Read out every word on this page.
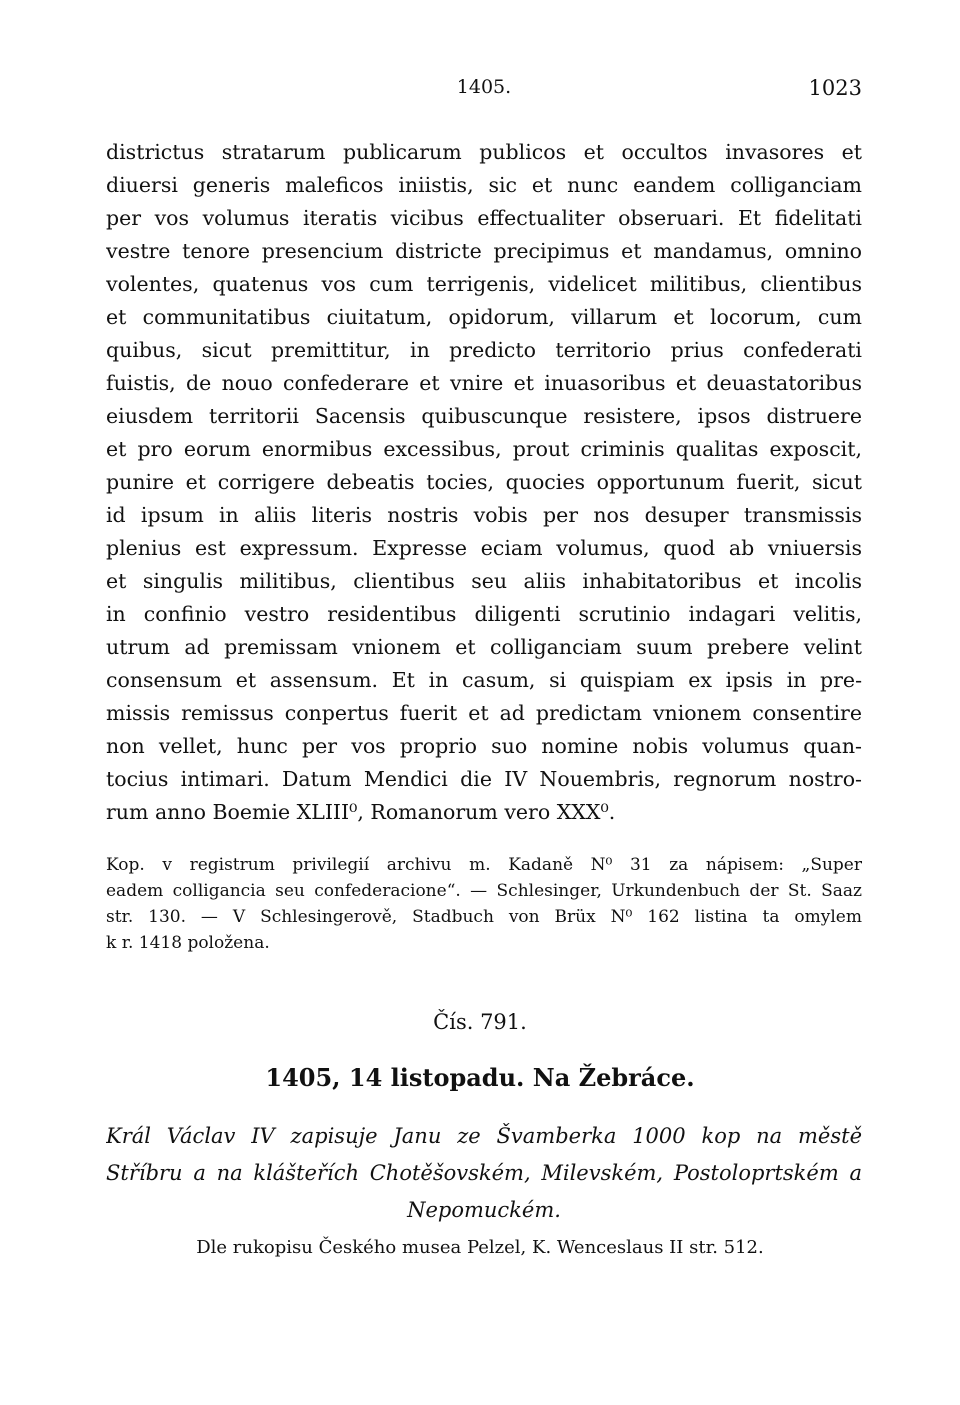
1405.	1023
districtus stratarum publicarum publicos et occultos invasores et
diuersi generis maleficos iniistis, sic et nunc eandem colliganciam
per vos volumus iteratis vicibus effectualiter obseruari. Et fidelitati
vestre tenore presencium districte precipimus et mandamus, omnino
volentes, quatenus vos cum terrigenis, videlicet militibus, clientibus
et communitatibus ciuitatum, opidorum, villarum et locorum, cum
quibus, sicut premittitur, in predicto territorio prius confederati
fuistis, de nouo confederare et vnire et inuasoribus et deuastatoribus
eiusdem territorii Sacensis quibuscunque resistere, ipsos distruere
et pro eorum enormibus excessibus, prout criminis qualitas exposcit,
punire et corrigere debeatis tocies, quocies opportunum fuerit, sicut
id ipsum in aliis literis nostris vobis per nos desuper transmissis
plenius est expressum. Expresse eciam volumus, quod ab vniuersis
et singulis militibus, clientibus seu aliis inhabitatoribus et incolis
in confinio vestro residentibus diligenti scrutinio indagari velitis,
utrum ad premissam vnionem et colliganciam suum prebere velint
consensum et assensum. Et in casum, si quispiam ex ipsis in pre-
missis remissus conpertus fuerit et ad predictam vnionem consentire
non vellet, hunc per vos proprio suo nomine nobis volumus quan-
tocius intimari. Datum Mendici die IV Nouembris, regnorum nostro-
rum anno Boemie XLIII⁰, Romanorum vero XXX⁰.
Kop. v registrum privilegií archivu m. Kadaně N⁰ 31 za nápisem: „Super
eadem colligancia seu confederacione“. — Schlesinger, Urkundenbuch der St. Saaz
str. 130. — V Schlesingerově, Stadbuch von Brüx N⁰ 162 listina ta omylem
k r. 1418 položena.
Čís. 791.
1405, 14 listopadu. Na Žebráce.
Král Václav IV zapisuje Janu ze Švamberka 1000 kop na městě
Stříbru a na klášteřích Chotěšovském, Milevském, Postoloprtském a
Nepomuckém.
Dle rukopisu Českého musea Pelzel, K. Wenceslaus II str. 512.
